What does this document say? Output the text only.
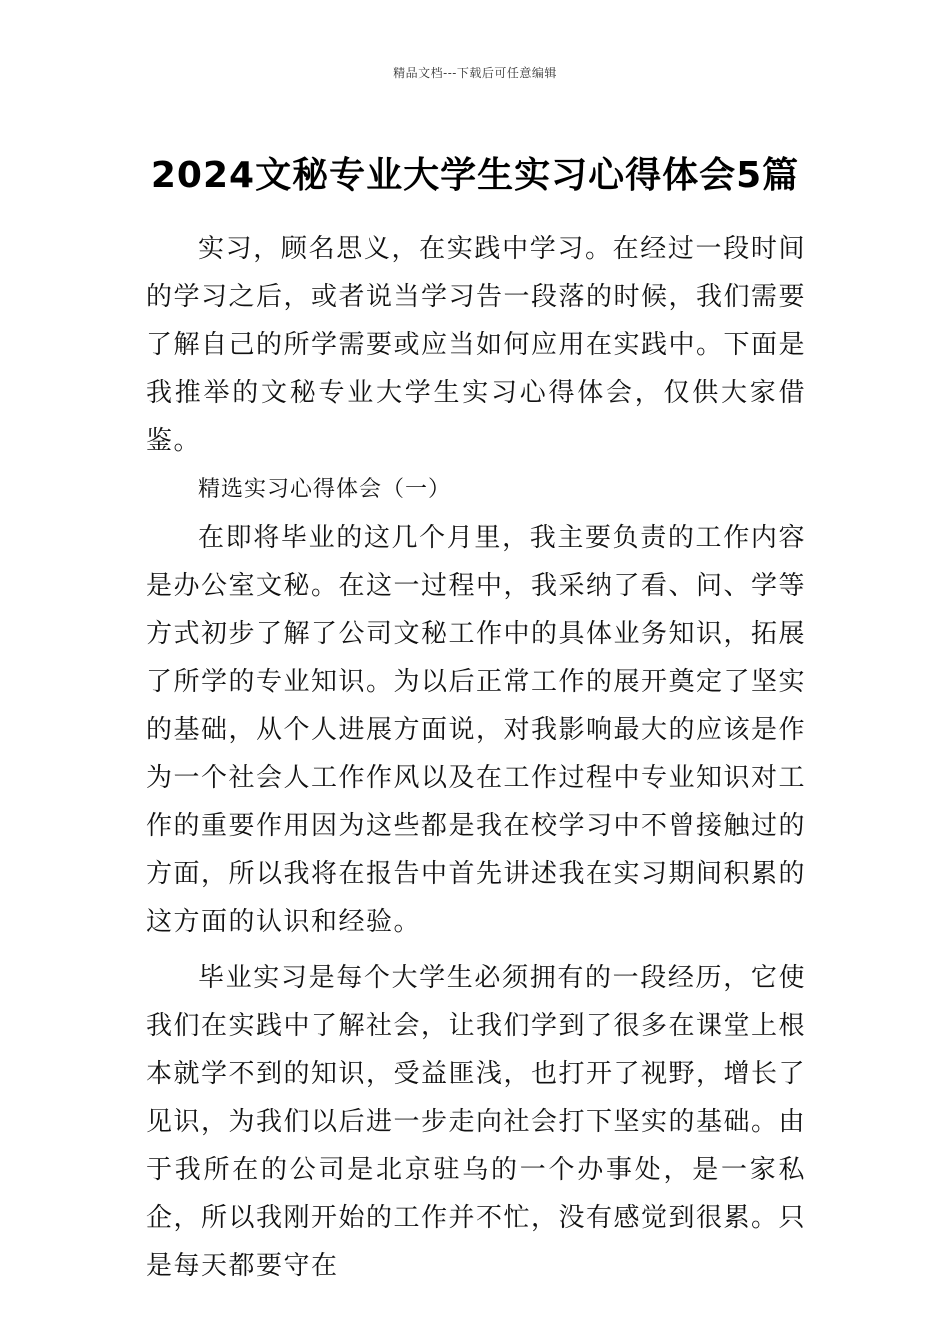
精品文档---下载后可任意编辑
2024文秘专业大学生实习心得体会5篇

实习，顾名思义，在实践中学习。在经过一段时间的学习之后，或者说当学习告一段落的时候，我们需要了解自己的所学需要或应当如何应用在实践中。下面是我推举的文秘专业大学生实习心得体会，仅供大家借鉴。

精选实习心得体会（一）

在即将毕业的这几个月里，我主要负责的工作内容是办公室文秘。在这一过程中，我采纳了看、问、学等方式初步了解了公司文秘工作中的具体业务知识，拓展了所学的专业知识。为以后正常工作的展开奠定了坚实的基础，从个人进展方面说，对我影响最大的应该是作为一个社会人工作作风以及在工作过程中专业知识对工作的重要作用因为这些都是我在校学习中不曾接触过的方面，所以我将在报告中首先讲述我在实习期间积累的这方面的认识和经验。

毕业实习是每个大学生必须拥有的一段经历，它使我们在实践中了解社会，让我们学到了很多在课堂上根本就学不到的知识，受益匪浅，也打开了视野，增长了见识，为我们以后进一步走向社会打下坚实的基础。由于我所在的公司是北京驻乌的一个办事处，是一家私企，所以我刚开始的工作并不忙，没有感觉到很累。只是每天都要守在
